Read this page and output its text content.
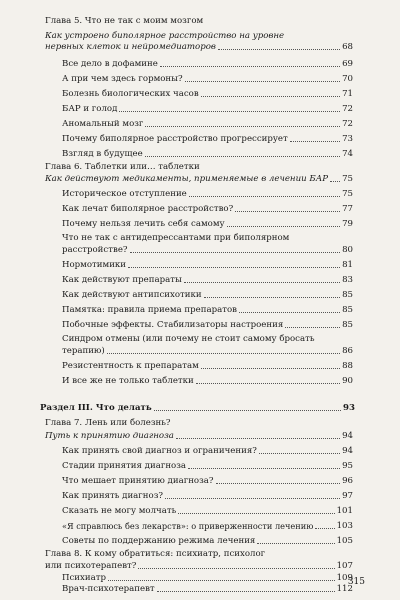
Глава 5. Что не так с моим мозгом
Как устроено биполярное расстройство на уровне
нервных клеток и нейромедиаторов	68
Все дело в дофамине	69
А при чем здесь гормоны?	70
Болезнь биологических часов	71
БАР и голод	72
Аномальный мозг	72
Почему биполярное расстройство прогрессирует	73
Взгляд в будущее	74
Глава 6. Таблетки или… таблетки
Как действуют медикаменты, применяемые в лечении БАР 75
Историческое отступление	75
Как лечат биполярное расстройство?	77
Почему нельзя лечить себя самому	79
Что не так с антидепрессантами при биполярном
расстройстве?	80
Нормотимики	81
Как действуют препараты	83
Как действуют антипсихотики	85
Памятка: правила приема препаратов	85
Побочные эффекты. Стабилизаторы настроения	85
Синдром отмены (или почему не стоит самому бросать
терапию)	86
Резистентность к препаратам	88
И все же не только таблетки	90
Раздел III. Что делать	93
Глава 7. Лень или болезнь?
Путь к принятию диагноза	94
Как принять свой диагноз и ограничения?	94
Стадии принятия диагноза	95
Что мешает принятию диагноза?	96
Как принять диагноз?	97
Сказать не могу молчать	101
«Я справлюсь без лекарств»: о приверженности лечению	103
Советы по поддержанию режима лечения	105
Глава 8. К кому обратиться: психиатр, психолог
или психотерапевт?	107
Психиатр	109
Врач-психотерапевт	112
315
